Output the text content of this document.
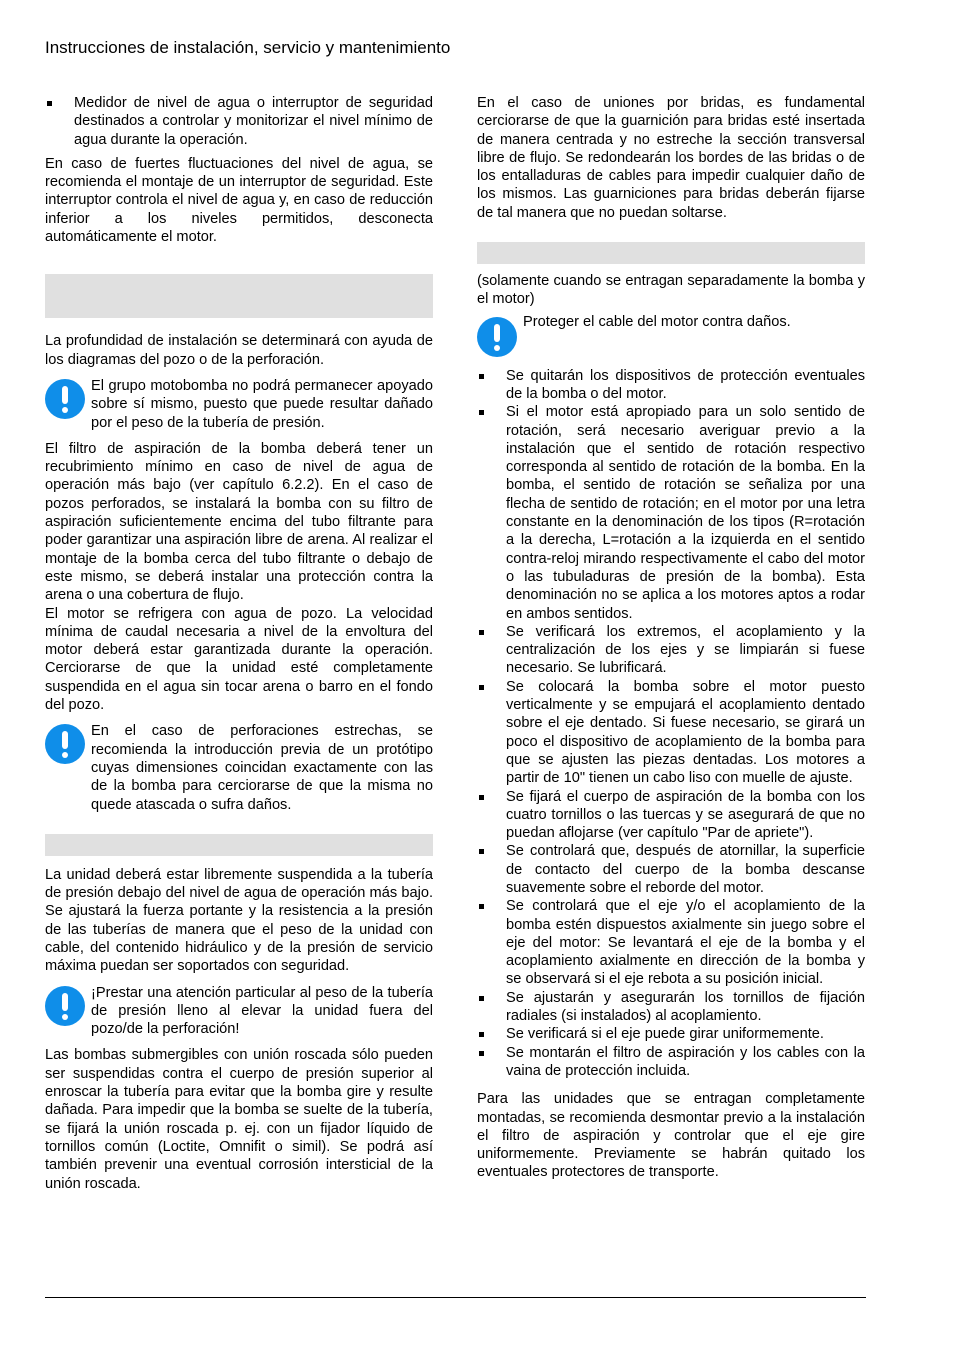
Instrucciones de instalación, servicio y mantenimiento
Medidor de nivel de agua o interruptor de seguridad destinados a controlar y monitorizar el nivel mínimo de agua durante la operación.

En caso de fuertes fluctuaciones del nivel de agua, se recomienda el montaje de un interruptor de seguridad. Este interruptor controla el nivel de agua y, en caso de reducción inferior a los niveles permitidos, desconecta automáticamente el motor.

La profundidad de instalación se determinará con ayuda de los diagramas del pozo o de la perforación.

El grupo motobomba no podrá permanecer apoyado sobre sí mismo, puesto que puede resultar dañado por el peso de la tubería de presión.

El filtro de aspiración de la bomba deberá tener un recubrimiento mínimo en caso de nivel de agua de operación más bajo (ver capítulo 6.2.2). En el caso de pozos perforados, se instalará la bomba con su filtro de aspiración suficientemente encima del tubo filtrante para poder garantizar una aspiración libre de arena. Al realizar el montaje de la bomba cerca del tubo filtrante o debajo de este mismo, se deberá instalar una protección contra la arena o una cobertura de flujo.

El motor se refrigera con agua de pozo. La velocidad mínima de caudal necesaria a nivel de la envoltura del motor deberá estar garantizada durante la operación. Cerciorarse de que la unidad esté completamente suspendida en el agua sin tocar arena o barro en el fondo del pozo.

En el caso de perforaciones estrechas, se recomienda la introducción previa de un protótipo cuyas dimensiones coincidan exactamente con las de la bomba para cerciorarse de que la misma no quede atascada o sufra daños.

La unidad deberá estar libremente suspendida a la tubería de presión debajo del nivel de agua de operación más bajo. Se ajustará la fuerza portante y la resistencia a la presión de las tuberías de manera que el peso de la unidad con cable, del contenido hidráulico y de la presión de servicio máxima puedan ser soportados con seguridad.

¡Prestar una atención particular al peso de la tubería de presión lleno al elevar la unidad fuera del pozo/de la perforación!

Las bombas submergibles con unión roscada sólo pueden ser suspendidas contra el cuerpo de presión superior al enroscar la tubería para evitar que la bomba gire y resulte dañada. Para impedir que la bomba se suelte de la tubería, se fijará la unión roscada p. ej. con un fijador líquido de tornillos común (Loctite, Omnifit o simil). Se podrá así también prevenir una eventual corrosión intersticial de la unión roscada.

En el caso de uniones por bridas, es fundamental cerciorarse de que la guarnición para bridas esté insertada de manera centrada y no estreche la sección transversal libre de flujo. Se redondearán los bordes de las bridas o de los entalladuras de cables para impedir cualquier daño de los mismos. Las guarniciones para bridas deberán fijarse de tal manera que no puedan soltarse.

(solamente cuando se entragan separadamente la bomba y el motor)

Proteger el cable del motor contra daños.

Se quitarán los dispositivos de protección eventuales de la bomba o del motor.
Si el motor está apropiado para un solo sentido de rotación, será necesario averiguar previo a la instalación que el sentido de rotación respectivo corresponda al sentido de rotación de la bomba. En la bomba, el sentido de rotación se señaliza por una flecha de sentido de rotación; en el motor por una letra constante en la denominación de los tipos (R=rotación a la derecha, L=rotación a la izquierda en el sentido contra-reloj mirando respectivamente el cabo del motor o las tubuladuras de presión de la bomba). Esta denominación no se aplica a los motores aptos a rodar en ambos sentidos.
Se verificará los extremos, el acoplamiento y la centralización de los ejes y se limpiarán si fuese necesario. Se lubrificará.
Se colocará la bomba sobre el motor puesto verticalmente y se empujará el acoplamiento dentado sobre el eje dentado. Si fuese necesario, se girará un poco el dispositivo de acoplamiento de la bomba para que se ajusten las piezas dentadas. Los motores a partir de 10" tienen un cabo liso con muelle de ajuste.
Se fijará el cuerpo de aspiración de la bomba con los cuatro tornillos o las tuercas y se asegurará de que no puedan aflojarse (ver capítulo "Par de apriete").
Se controlará que, después de atornillar, la superficie de contacto del cuerpo de la bomba descanse suavemente sobre el reborde del motor.
Se controlará que el eje y/o el acoplamiento de la bomba estén dispuestos axialmente sin juego sobre el eje del motor: Se levantará el eje de la bomba y el acoplamiento axialmente en dirección de la bomba y se observará si el eje rebota a su posición inicial.
Se ajustarán y asegurarán los tornillos de fijación radiales (si instalados) al acoplamiento.
Se verificará si el eje puede girar uniformemente.
Se montarán el filtro de aspiración y los cables con la vaina de protección incluida.

Para las unidades que se entragan completamente montadas, se recomienda desmontar previo a la instalación el filtro de aspiración y controlar que el eje gire uniformemente. Previamente se habrán quitado los eventuales protectores de transporte.
